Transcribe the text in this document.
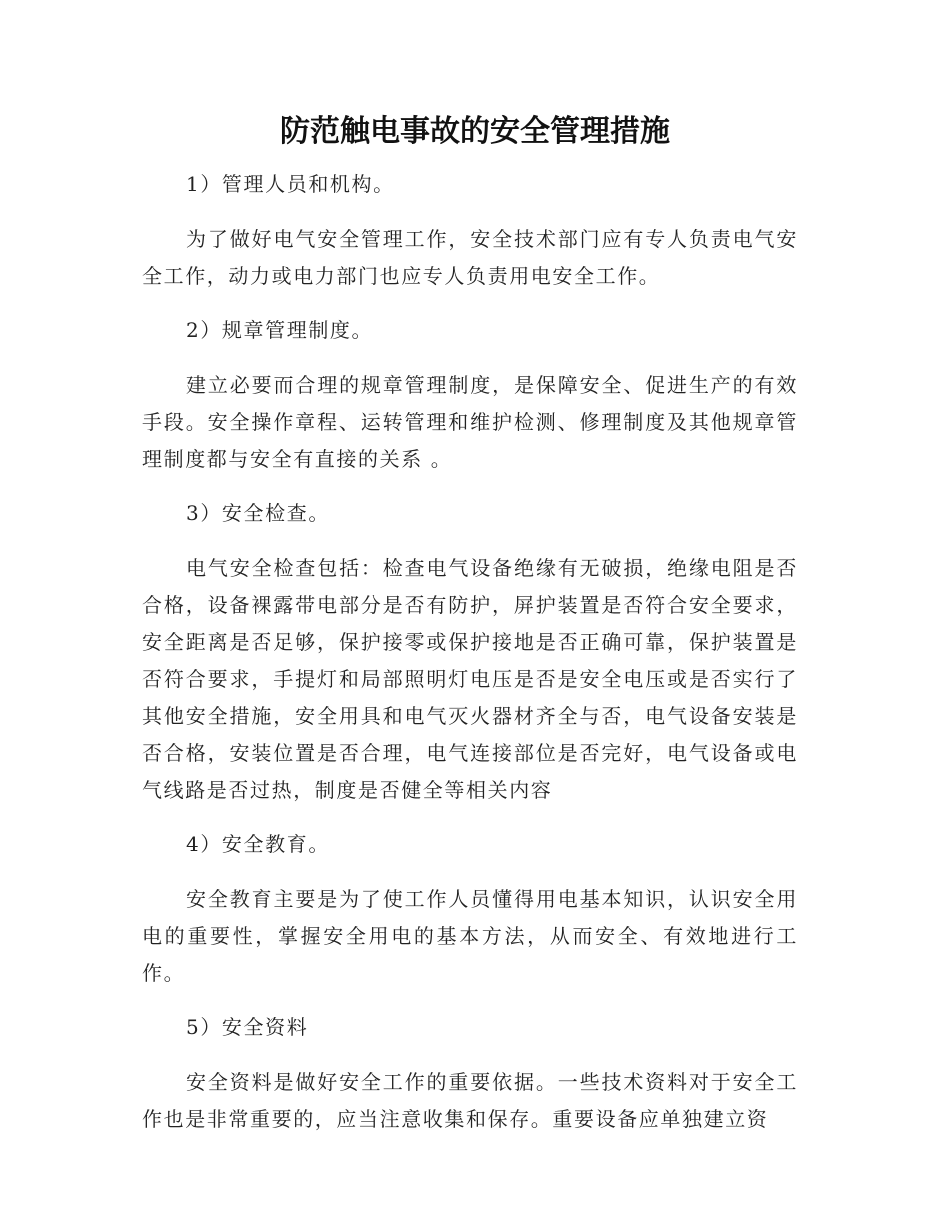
防范触电事故的安全管理措施

1）管理人员和机构。

为了做好电气安全管理工作，安全技术部门应有专人负责电气安全工作，动力或电力部门也应专人负责用电安全工作。

2）规章管理制度。

建立必要而合理的规章管理制度，是保障安全、促进生产的有效手段。安全操作章程、运转管理和维护检测、修理制度及其他规章管理制度都与安全有直接的关系 。

3）安全检查。

电气安全检查包括：检查电气设备绝缘有无破损，绝缘电阻是否合格，设备裸露带电部分是否有防护，屏护装置是否符合安全要求，安全距离是否足够，保护接零或保护接地是否正确可靠，保护装置是否符合要求，手提灯和局部照明灯电压是否是安全电压或是否实行了其他安全措施，安全用具和电气灭火器材齐全与否，电气设备安装是否合格，安装位置是否合理，电气连接部位是否完好，电气设备或电气线路是否过热，制度是否健全等相关内容

4）安全教育。

安全教育主要是为了使工作人员懂得用电基本知识，认识安全用电的重要性，掌握安全用电的基本方法，从而安全、有效地进行工作。

5）安全资料

安全资料是做好安全工作的重要依据。一些技术资料对于安全工作也是非常重要的，应当注意收集和保存。重要设备应单独建立资
